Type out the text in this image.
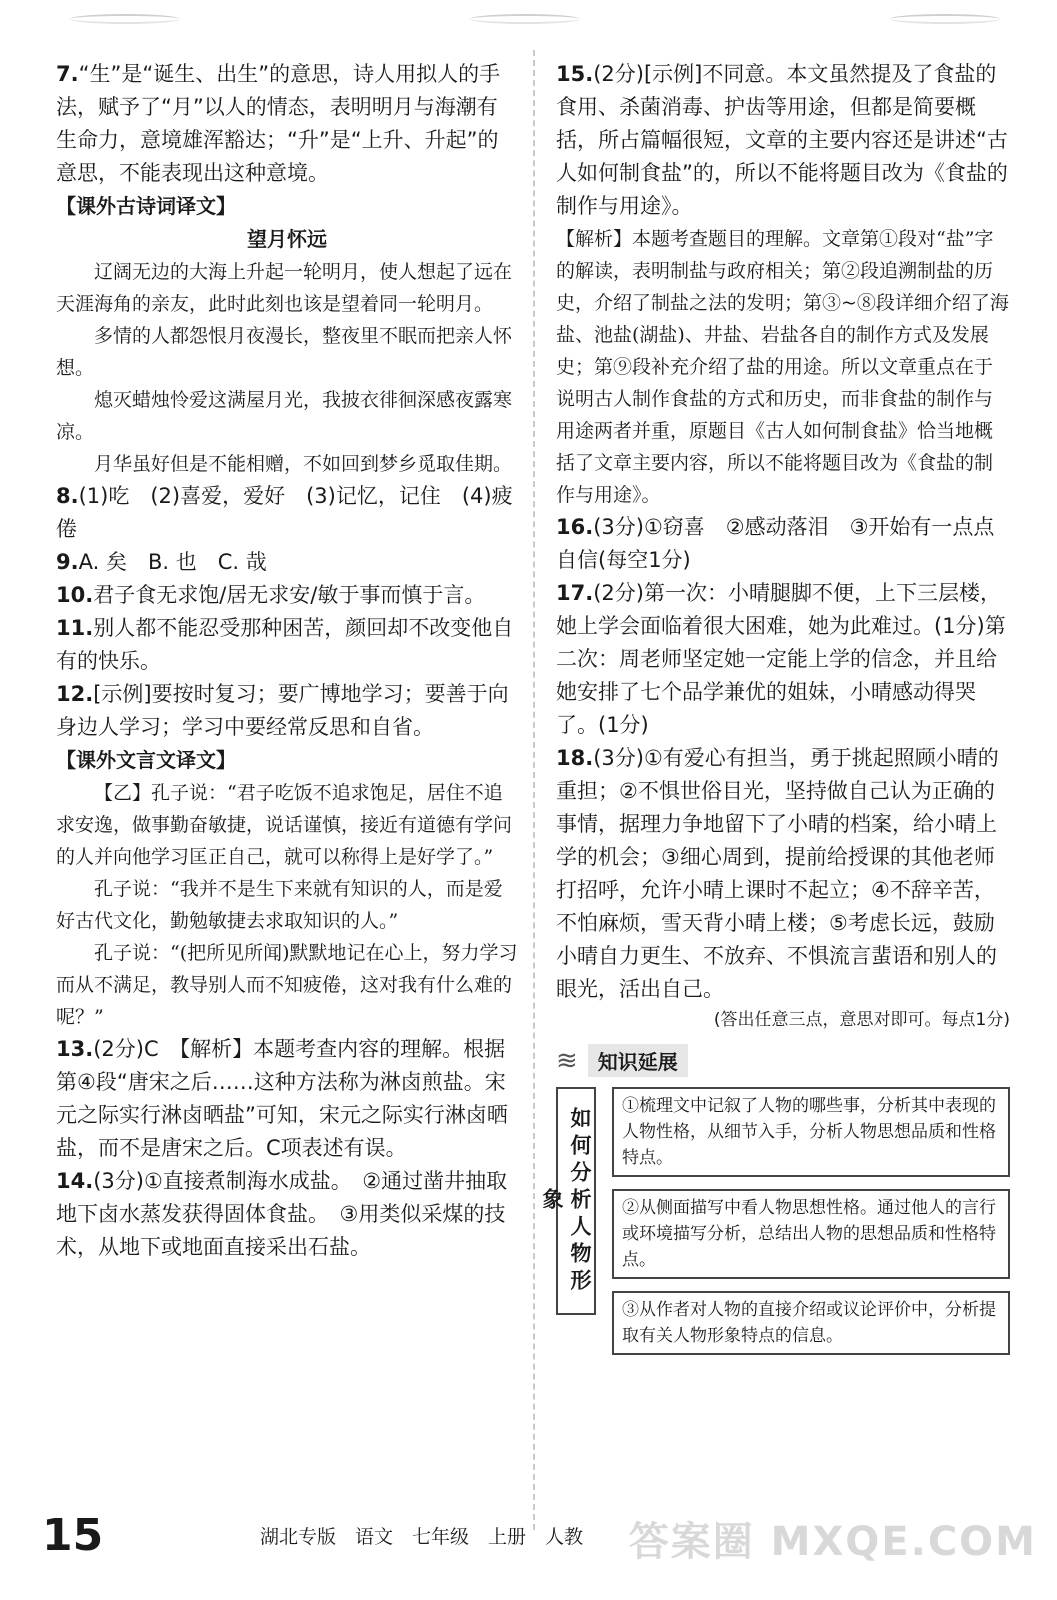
7.“生”是“诞生、出生”的意思，诗人用拟人的手法，赋予了“月”以人的情态，表明明月与海潮有生命力，意境雄浑豁达；“升”是“上升、升起”的意思，不能表现出这种意境。

【课外古诗词译文】

望月怀远

辽阔无边的大海上升起一轮明月，使人想起了远在天涯海角的亲友，此时此刻也该是望着同一轮明月。

多情的人都怨恨月夜漫长，整夜里不眠而把亲人怀想。

熄灭蜡烛怜爱这满屋月光，我披衣徘徊深感夜露寒凉。

月华虽好但是不能相赠，不如回到梦乡觅取佳期。

8.(1)吃　(2)喜爱，爱好　(3)记忆，记住　(4)疲倦

9.A. 矣　B. 也　C. 哉

10.君子食无求饱/居无求安/敏于事而慎于言。

11.别人都不能忍受那种困苦，颜回却不改变他自有的快乐。

12.[示例]要按时复习；要广博地学习；要善于向身边人学习；学习中要经常反思和自省。

【课外文言文译文】

【乙】孔子说：“君子吃饭不追求饱足，居住不追求安逸，做事勤奋敏捷，说话谨慎，接近有道德有学问的人并向他学习匡正自己，就可以称得上是好学了。”

孔子说：“我并不是生下来就有知识的人，而是爱好古代文化，勤勉敏捷去求取知识的人。”

孔子说：“(把所见所闻)默默地记在心上，努力学习而从不满足，教导别人而不知疲倦，这对我有什么难的呢？”

13.(2分)C　【解析】本题考查内容的理解。根据第④段“唐宋之后……这种方法称为淋卤煎盐。宋元之际实行淋卤晒盐”可知，宋元之际实行淋卤晒盐，而不是唐宋之后。C项表述有误。

14.(3分)①直接煮制海水成盐。　②通过凿井抽取地下卤水蒸发获得固体食盐。　③用类似采煤的技术，从地下或地面直接采出石盐。

15.(2分)[示例]不同意。本文虽然提及了食盐的食用、杀菌消毒、护齿等用途，但都是简要概括，所占篇幅很短，文章的主要内容还是讲述“古人如何制食盐”的，所以不能将题目改为《食盐的制作与用途》。

【解析】本题考查题目的理解。文章第①段对“盐”字的解读，表明制盐与政府相关；第②段追溯制盐的历史，介绍了制盐之法的发明；第③~⑧段详细介绍了海盐、池盐(湖盐)、井盐、岩盐各自的制作方式及发展史；第⑨段补充介绍了盐的用途。所以文章重点在于说明古人制作食盐的方式和历史，而非食盐的制作与用途两者并重，原题目《古人如何制食盐》恰当地概括了文章主要内容，所以不能将题目改为《食盐的制作与用途》。

16.(3分)①窃喜　②感动落泪　③开始有一点点自信(每空1分)

17.(2分)第一次：小晴腿脚不便，上下三层楼，她上学会面临着很大困难，她为此难过。(1分)第二次：周老师坚定她一定能上学的信念，并且给她安排了七个品学兼优的姐妹，小晴感动得哭了。(1分)

18.(3分)①有爱心有担当，勇于挑起照顾小晴的重担；②不惧世俗目光，坚持做自己认为正确的事情，据理力争地留下了小晴的档案，给小晴上学的机会；③细心周到，提前给授课的其他老师打招呼，允许小晴上课时不起立；④不辞辛苦，不怕麻烦，雪天背小晴上楼；⑤考虑长远，鼓励小晴自力更生、不放弃、不惧流言蜚语和别人的眼光，活出自己。

(答出任意三点，意思对即可。每点1分)

≋	知识延展
如何分析人物形象
①梳理文中记叙了人物的哪些事，分析其中表现的人物性格，从细节入手，分析人物思想品质和性格特点。
②从侧面描写中看人物思想性格。通过他人的言行或环境描写分析，总结出人物的思想品质和性格特点。
③从作者对人物的直接介绍或议论评价中，分析提取有关人物形象特点的信息。
15	湖北专版　语文　七年级　上册　人教 答案圈 MXQE.COM
